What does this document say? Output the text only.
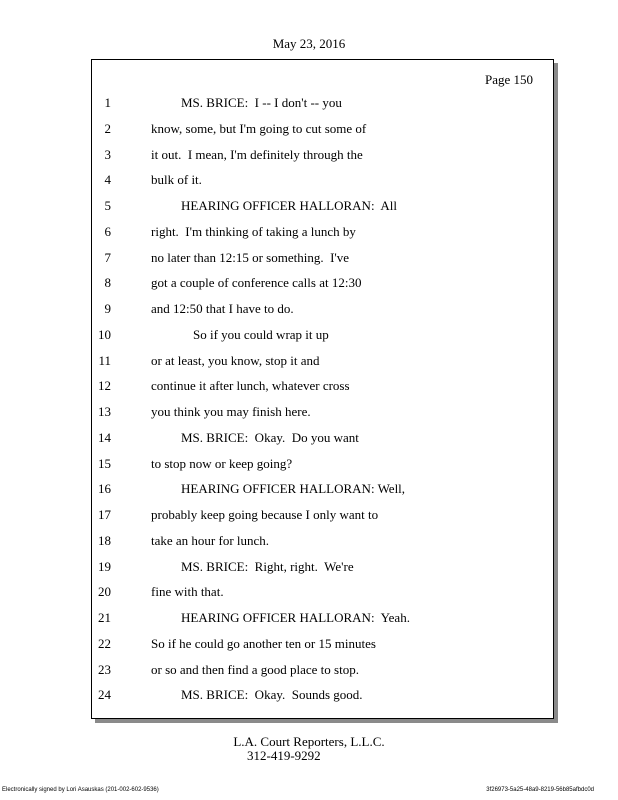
May 23, 2016
Page 150
1	MS. BRICE:  I -- I don't -- you
2	know, some, but I'm going to cut some of
3	it out.  I mean, I'm definitely through the
4	bulk of it.
5	HEARING OFFICER HALLORAN:  All
6	right.  I'm thinking of taking a lunch by
7	no later than 12:15 or something.  I've
8	got a couple of conference calls at 12:30
9	and 12:50 that I have to do.
10	So if you could wrap it up
11	or at least, you know, stop it and
12	continue it after lunch, whatever cross
13	you think you may finish here.
14	MS. BRICE:  Okay.  Do you want
15	to stop now or keep going?
16	HEARING OFFICER HALLORAN: Well,
17	probably keep going because I only want to
18	take an hour for lunch.
19	MS. BRICE:  Right, right.  We're
20	fine with that.
21	HEARING OFFICER HALLORAN:  Yeah.
22	So if he could go another ten or 15 minutes
23	or so and then find a good place to stop.
24	MS. BRICE:  Okay.  Sounds good.
L.A. Court Reporters, L.L.C.
312-419-9292
Electronically signed by Lori Asauskas (201-002-602-9536)	3f26973-5a25-48a9-8219-56b85afbdc0d
